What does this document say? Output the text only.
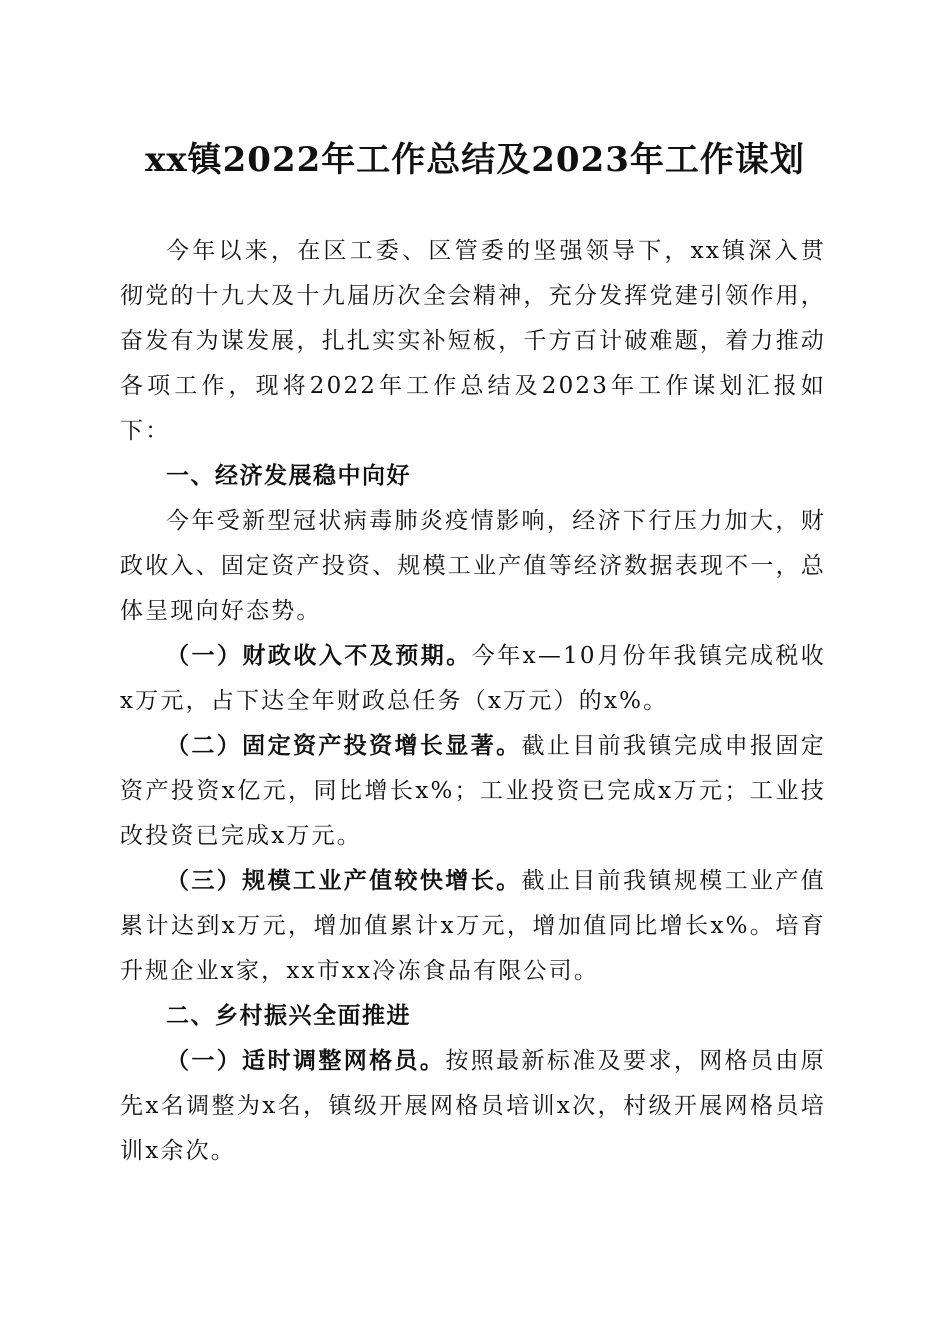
xx镇2022年工作总结及2023年工作谋划

今年以来，在区工委、区管委的坚强领导下，xx镇深入贯彻党的十九大及十九届历次全会精神，充分发挥党建引领作用，奋发有为谋发展，扎扎实实补短板，千方百计破难题，着力推动各项工作，现将2022年工作总结及2023年工作谋划汇报如下：

一、经济发展稳中向好

今年受新型冠状病毒肺炎疫情影响，经济下行压力加大，财政收入、固定资产投资、规模工业产值等经济数据表现不一，总体呈现向好态势。

（一）财政收入不及预期。今年x—10月份年我镇完成税收x万元，占下达全年财政总任务（x万元）的x%。

（二）固定资产投资增长显著。截止目前我镇完成申报固定资产投资x亿元，同比增长x%；工业投资已完成x万元；工业技改投资已完成x万元。

（三）规模工业产值较快增长。截止目前我镇规模工业产值累计达到x万元，增加值累计x万元，增加值同比增长x%。培育升规企业x家，xx市xx冷冻食品有限公司。

二、乡村振兴全面推进

（一）适时调整网格员。按照最新标准及要求，网格员由原先x名调整为x名，镇级开展网格员培训x次，村级开展网格员培训x余次。
